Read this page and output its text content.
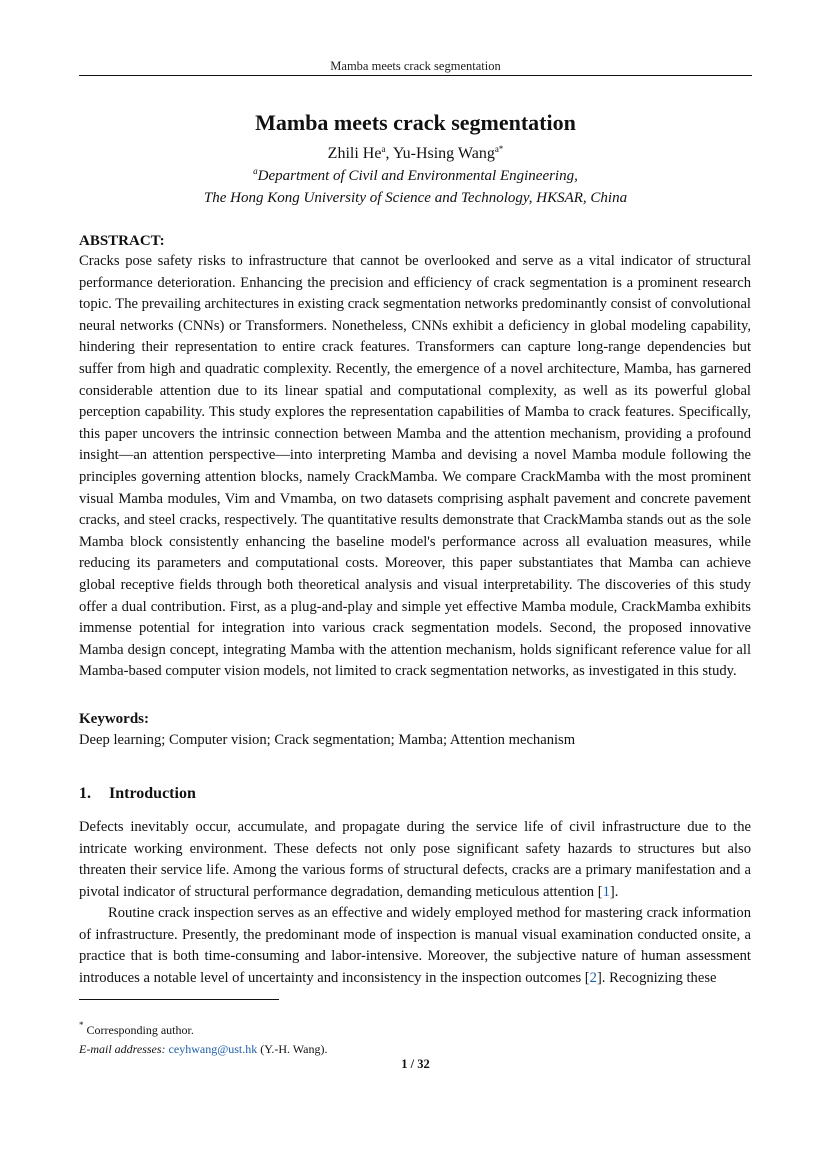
Mamba meets crack segmentation
Mamba meets crack segmentation
Zhili He$^a$, Yu-Hsing Wang$^{a*}$
$^a$Department of Civil and Environmental Engineering,
The Hong Kong University of Science and Technology, HKSAR, China
ABSTRACT:

Cracks pose safety risks to infrastructure that cannot be overlooked and serve as a vital indicator of structural performance deterioration. Enhancing the precision and efficiency of crack segmentation is a prominent research topic. The prevailing architectures in existing crack segmentation networks predominantly consist of convolutional neural networks (CNNs) or Transformers. Nonetheless, CNNs exhibit a deficiency in global modeling capability, hindering their representation to entire crack features. Transformers can capture long-range dependencies but suffer from high and quadratic complexity. Recently, the emergence of a novel architecture, Mamba, has garnered considerable attention due to its linear spatial and computational complexity, as well as its powerful global perception capability. This study explores the representation capabilities of Mamba to crack features. Specifically, this paper uncovers the intrinsic connection between Mamba and the attention mechanism, providing a profound insight—an attention perspective—into interpreting Mamba and devising a novel Mamba module following the principles governing attention blocks, namely CrackMamba. We compare CrackMamba with the most prominent visual Mamba modules, Vim and Vmamba, on two datasets comprising asphalt pavement and concrete pavement cracks, and steel cracks, respectively. The quantitative results demonstrate that CrackMamba stands out as the sole Mamba block consistently enhancing the baseline model's performance across all evaluation measures, while reducing its parameters and computational costs. Moreover, this paper substantiates that Mamba can achieve global receptive fields through both theoretical analysis and visual interpretability. The discoveries of this study offer a dual contribution. First, as a plug-and-play and simple yet effective Mamba module, CrackMamba exhibits immense potential for integration into various crack segmentation models. Second, the proposed innovative Mamba design concept, integrating Mamba with the attention mechanism, holds significant reference value for all Mamba-based computer vision models, not limited to crack segmentation networks, as investigated in this study.

Keywords:

Deep learning; Computer vision; Crack segmentation; Mamba; Attention mechanism

1. Introduction

Defects inevitably occur, accumulate, and propagate during the service life of civil infrastructure due to the intricate working environment. These defects not only pose significant safety hazards to structures but also threaten their service life. Among the various forms of structural defects, cracks are a primary manifestation and a pivotal indicator of structural performance degradation, demanding meticulous attention [1].

Routine crack inspection serves as an effective and widely employed method for mastering crack information of infrastructure. Presently, the predominant mode of inspection is manual visual examination conducted onsite, a practice that is both time-consuming and labor-intensive. Moreover, the subjective nature of human assessment introduces a notable level of uncertainty and inconsistency in the inspection outcomes [2]. Recognizing these

* Corresponding author.
E-mail addresses: ceyhwang@ust.hk (Y.-H. Wang).
1 / 32
